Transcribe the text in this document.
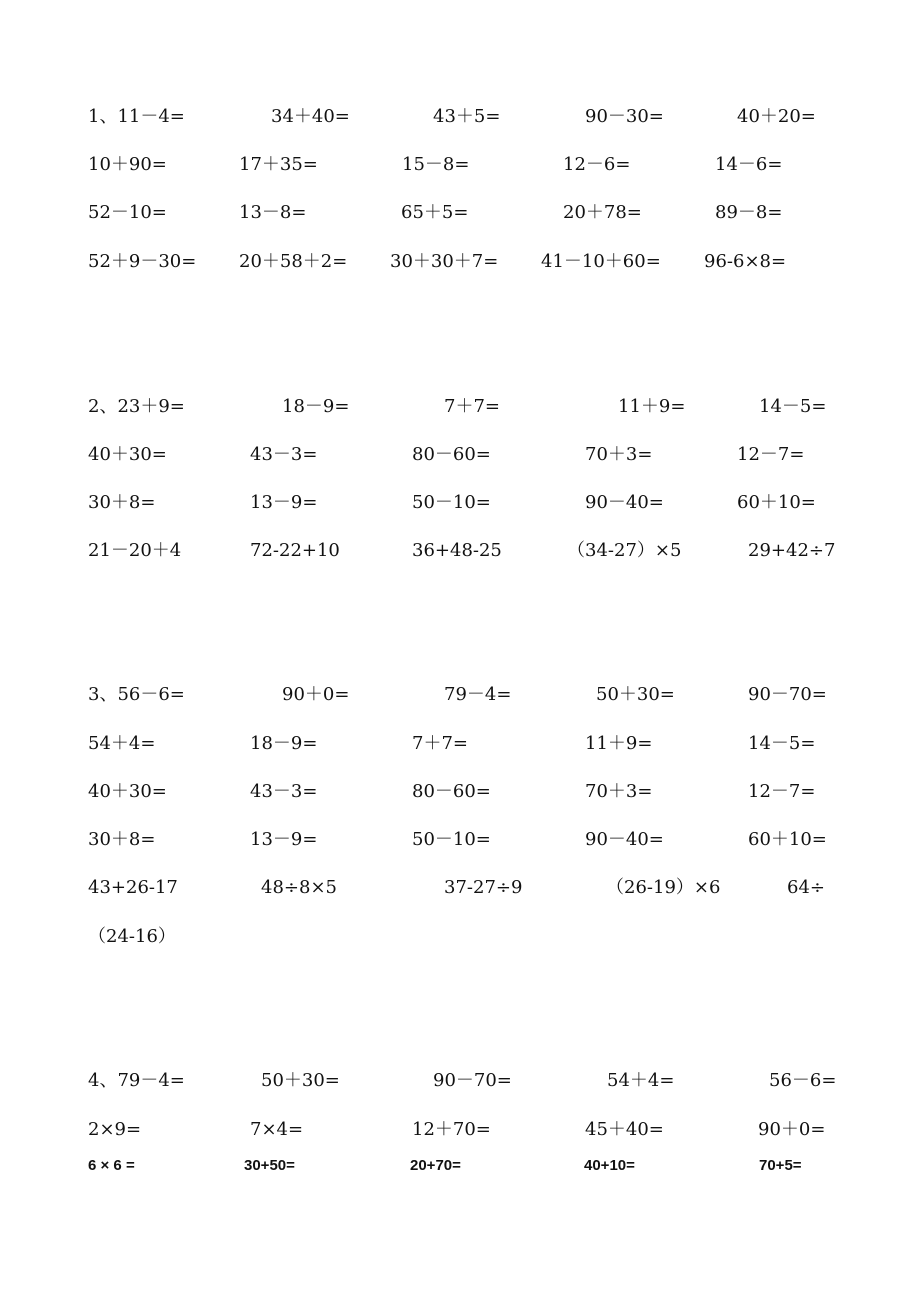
1、11－4=	34＋40=	43＋5=	90－30=	40＋20=
10＋90=	17＋35=	15－8=	12－6=	14－6=
52－10=	13－8=	65＋5=	20＋78=	89－8=
52＋9－30= 20＋58＋2= 30＋30＋7= 41－10＋60= 96-6×8=
2、23＋9=	18－9=	7＋7=	11＋9=	14－5=
40＋30=	43－3=	80－60=	70＋3=	12－7=
30＋8=	13－9=	50－10=	90－40=	60＋10=
21－20＋4	72-22+10	36+48-25	（34-27）×5	29+42÷7
3、56－6=	90＋0=	79－4=	50＋30=	90－70=
54＋4=	18－9=	7＋7=	11＋9=	14－5=
40＋30=	43－3=	80－60=	70＋3=	12－7=
30＋8=	13－9=	50－10=	90－40=	60＋10=
43+26-17	48÷8×5	37-27÷9	（26-19）×6	64÷
（24-16）
4、79－4=	50＋30=	90－70=	54＋4=	56－6=
2×9=	7×4=	12＋70=	45＋40=	90＋0=
6 × 6 =	30+50=	20+70=	40+10=	70+5=
